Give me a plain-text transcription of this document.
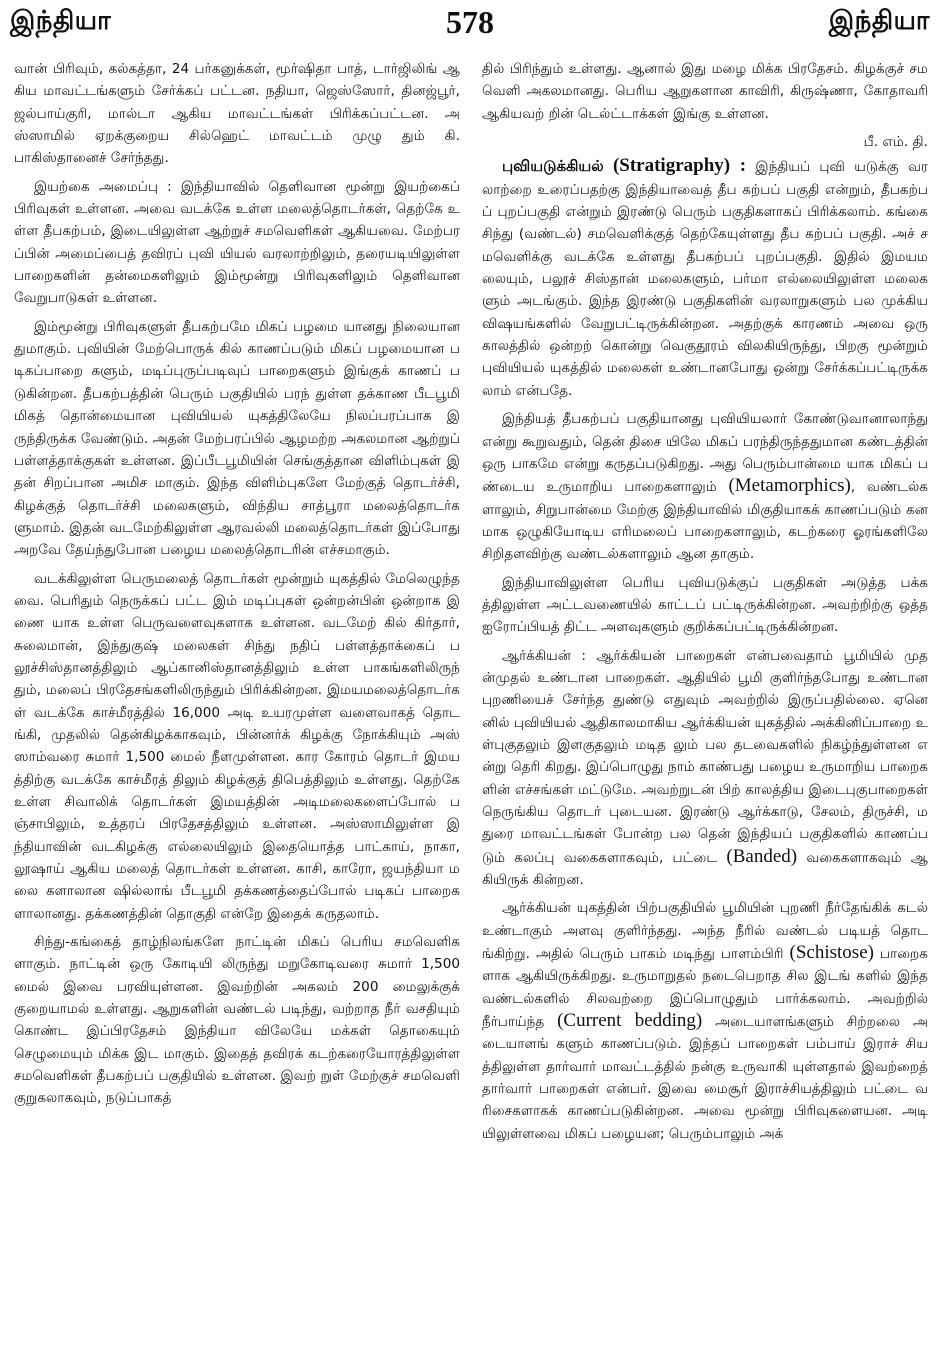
இந்தியா	578	இந்தியா

வான் பிரிவும், கல்கத்தா, 24 பர்கனுக்கள், மூர்ஷிதா பாத், டார்ஜிலிங் ஆகிய மாவட்டங்களும் சேர்க்கப் பட்டன. நதியா, ஜெஸ்ஸோர், தினஜ்பூர், ஜல்பாய்குரி, மால்டா ஆகிய மாவட்டங்கள் பிரிக்கப்பட்டன. அஸ்ஸாமில் ஏறக்குறைய சில்ஹெட் மாவட்டம் முழு தும் கி. பாகிஸ்தானைச் சேர்ந்தது.

இயற்கை அமைப்பு : இந்தியாவில் தெளிவான மூன்று இயற்கைப் பிரிவுகள் உள்ளன. அவை வடக்கே உள்ள மலைத்தொடர்கள், தெற்கே உள்ள தீபகற்பம், இடையிலுள்ள ஆற்றுச் சமவெளிகள் ஆகியவை. மேற்பரப்பின் அமைப்பைத் தவிரப் புவி யியல் வரலாற்றிலும், தரையடியிலுள்ள பாறைகளின் தன்மைகளிலும் இம்மூன்று பிரிவுகளிலும் தெளிவான வேறுபாடுகள் உள்ளன.

இம்மூன்று பிரிவுகளுள் தீபகற்பமே மிகப் பழமை யானது நிலையானதுமாகும். புவியின் மேற்பொருக் கில் காணப்படும் மிகப் பழமையான படிகப்பாறை களும், மடிப்புருப்படிவுப் பாறைகளும் இங்குக் காணப் படுகின்றன. தீபகற்பத்தின் பெரும் பகுதியில் பரந் துள்ள தக்காண பீடபூமி மிகத் தொன்மையான புவியியல் யுகத்திலேயே நிலப்பரப்பாக இருந்திருக்க வேண்டும். அதன் மேற்பரப்பில் ஆழமற்ற அகலமான ஆற்றுப் பள்ளத்தாக்குகள் உள்ளன. இப்பீடபூமியின் செங்குத்தான விளிம்புகள் இதன் சிறப்பான அமிச மாகும். இந்த விளிம்புகளே மேற்குத் தொடர்ச்சி, கிழக்குத் தொடர்ச்சி மலைகளும், விந்திய சாத்பூரா மலைத்தொடர்களுமாம். இதன் வடமேற்கிலுள்ள ஆரவல்லி மலைத்தொடர்கள் இப்போது அறவே தேய்ந்துபோன பழைய மலைத்தொடரின் எச்சமாகும்.

வடக்கிலுள்ள பெருமலைத் தொடர்கள் மூன்றும் யுகத்தில் மேலெழுந்தவை. பெரிதும் நெருக்கப் பட்ட இம் மடிப்புகள் ஒன்றன்பின் ஒன்றாக இணை யாக உள்ள பெருவளைவுகளாக உள்ளன. வடமேற் கில் கிர்தார், சுலைமான், இந்துகுஷ் மலைகள் சிந்து நதிப் பள்ளத்தாக்கைப் பலூச்சிஸ்தானத்திலும் ஆப்கானிஸ்தானத்திலும் உள்ள பாகங்களிலிருந் தும், மலைப் பிரதேசங்களிலிருந்தும் பிரிக்கின்றன. இமயமலைத்தொடர்கள் வடக்கே காச்மீரத்தில் 16,000 அடி உயரமுள்ள வளைவாகத் தொடங்கி, முதலில் தென்கிழக்காகவும், பின்னர்க் கிழக்கு நோக்கியும் அஸ் ஸாம்வரை சுமார் 1,500 மைல் நீளமுள்ளன. கார கோரம் தொடர் இமயத்திற்கு வடக்கே காச்மீரத் திலும் கிழக்குத் திபெத்திலும் உள்ளது. தெற்கே உள்ள சிவாலிக் தொடர்கள் இமயத்தின் அடிமலைகளைப்போல் பஞ்சாபிலும், உத்தரப் பிரதேசத்திலும் உள்ளன. அஸ்ஸாமிலுள்ள இந்தியாவின் வடகிழக்கு எல்லையிலும் இதையொத்த பாட்காய், நாகா, லூஷாய் ஆகிய மலைத் தொடர்கள் உள்ளன. காசி, காரோ, ஜயந்தியா மலை களாலான ஷில்லாங் பீடபூமி தக்கணத்தைப்போல் படிகப் பாறைகளாலானது. தக்கணத்தின் தொகுதி என்றே இதைக் கருதலாம்.

சிந்து-கங்கைத் தாழ்நிலங்களே நாட்டின் மிகப் பெரிய சமவெளிகளாகும். நாட்டின் ஒரு கோடியி லிருந்து மறுகோடிவரை சுமார் 1,500 மைல் இவை பரவியுள்ளன. இவற்றின் அகலம் 200 மைலுக்குக் குறையாமல் உள்ளது. ஆறுகளின் வண்டல் படிந்து, வற்றாத நீர் வசதியும் கொண்ட இப்பிரதேசம் இந்தியா விலேயே மக்கள் தொகையும் செழுமையும் மிக்க இட மாகும். இதைத் தவிரக் கடற்கரையோரத்திலுள்ள சமவெளிகள் தீபகற்பப் பகுதியில் உள்ளன. இவற் றுள் மேற்குச் சமவெளி குறுகலாகவும், நடுப்பாகத்

தில் பிரிந்தும் உள்ளது. ஆனால் இது மழை மிக்க பிரதேசம். கிழக்குச் சமவெளி அகலமானது. பெரிய ஆறுகளான காவிரி, கிருஷ்ணா, கோதாவரி ஆகியவற் றின் டெல்ட்டாக்கள் இங்கு உள்ளன.

பீ. எம். தி.

புவியடுக்கியல் (Stratigraphy) : இந்தியப் புவி யடுக்கு வரலாற்றை உரைப்பதற்கு இந்தியாவைத் தீப கற்பப் பகுதி என்றும், தீபகற்பப் புறப்பகுதி என்றும் இரண்டு பெரும் பகுதிகளாகப் பிரிக்கலாம். கங்கை சிந்து (வண்டல்) சமவெளிக்குத் தெற்கேயுள்ளது தீப கற்பப் பகுதி. அச் சமவெளிக்கு வடக்கே உள்ளது தீபகற்பப் புறப்பகுதி. இதில் இமயமலையும், பலூச் சிஸ்தான் மலைகளும், பர்மா எல்லையிலுள்ள மலைகளும் அடங்கும். இந்த இரண்டு பகுதிகளின் வரலாறுகளும் பல முக்கிய விஷயங்களில் வேறுபட்டிருக்கின்றன. அதற்குக் காரணம் அவை ஒரு காலத்தில் ஒன்றற் கொன்று வெகுதூரம் விலகியிருந்து, பிறகு மூன்றும் புவியியல் யுகத்தில் மலைகள் உண்டானபோது ஒன்று சேர்க்கப்பட்டிருக்கலாம் என்பதே.

இந்தியத் தீபகற்பப் பகுதியானது புவியியலார் கோண்டுவானாலாந்து என்று கூறுவதும், தென் திசை யிலே மிகப் பரந்திருந்ததுமான கண்டத்தின் ஒரு பாகமே என்று கருதப்படுகிறது. அது பெரும்பான்மை யாக மிகப் பண்டைய உருமாறிய பாறைகளாலும் (Metamorphics), வண்டல்களாலும், சிறுபான்மை மேற்கு இந்தியாவில் மிகுதியாகக் காணப்படும் கனமாக ஒழுகியோடிய எரிமலைப் பாறைகளாலும், கடற்கரை ஓரங்களிலே சிறிதளவிற்கு வண்டல்களாலும் ஆன தாகும்.

இந்தியாவிலுள்ள பெரிய புவியடுக்குப் பகுதிகள் அடுத்த பக்கத்திலுள்ள அட்டவணையில் காட்டப் பட்டிருக்கின்றன. அவற்றிற்கு ஒத்த ஐரோப்பியத் திட்ட அளவுகளும் குறிக்கப்பட்டிருக்கின்றன.

ஆர்க்கியன் : ஆர்க்கியன் பாறைகள் என்பவைதாம் பூமியில் முதன்முதல் உண்டான பாறைகள். ஆதியில் பூமி குளிர்ந்தபோது உண்டான புறணியைச் சேர்ந்த துண்டு எதுவும் அவற்றில் இருப்பதில்லை. ஏனெ னில் புவியியல் ஆதிகாலமாகிய ஆர்க்கியன் யுகத்தில் அக்கினிப்பாறை உள்புகுதலும் இளகுதலும் மடித லும் பல தடவைகளில் நிகழ்ந்துள்ளன என்று தெரி கிறது. இப்பொழுது நாம் காண்பது பழைய உருமாறிய பாறைகளின் எச்சங்கள் மட்டுமே. அவற்றுடன் பிற் காலத்திய இடைபுகுபாறைகள் நெருங்கிய தொடர் புடையன. இரண்டு ஆர்க்காடு, சேலம், திருச்சி, மதுரை மாவட்டங்கள் போன்ற பல தென் இந்தியப் பகுதிகளில் காணப்படும் கலப்பு வகைகளாகவும், பட்டை (Banded) வகைகளாகவும் ஆகியிருக் கின்றன.

ஆர்க்கியன் யுகத்தின் பிற்பகுதியில் பூமியின் புறணி நீர்தேங்கிக் கடல் உண்டாகும் அளவு குளிர்ந்தது. அந்த நீரில் வண்டல் படியத் தொடங்கிற்று. அதில் பெரும் பாகம் மடிந்து பாளம்பிரி (Schistose) பாறைகளாக ஆகியிருக்கிறது. உருமாறுதல் நடைபெறாத சில இடங் களில் இந்த வண்டல்களில் சிலவற்றை இப்பொழுதும் பார்க்கலாம். அவற்றில் நீர்பாய்ந்த (Current bedding) அடையாளங்களும் சிற்றலை அடையாளங் களும் காணப்படும். இந்தப் பாறைகள் பம்பாய் இராச் சியத்திலுள்ள தார்வார் மாவட்டத்தில் நன்கு உருவாகி யுள்ளதால் இவற்றைத் தார்வார் பாறைகள் என்பர். இவை மைசூர் இராச்சியத்திலும் பட்டை வரிசைகளாகக் காணப்படுகின்றன. அவை மூன்று பிரிவுகளையன. அடி யிலுள்ளவை மிகப் பழையன; பெரும்பாலும் அக்
